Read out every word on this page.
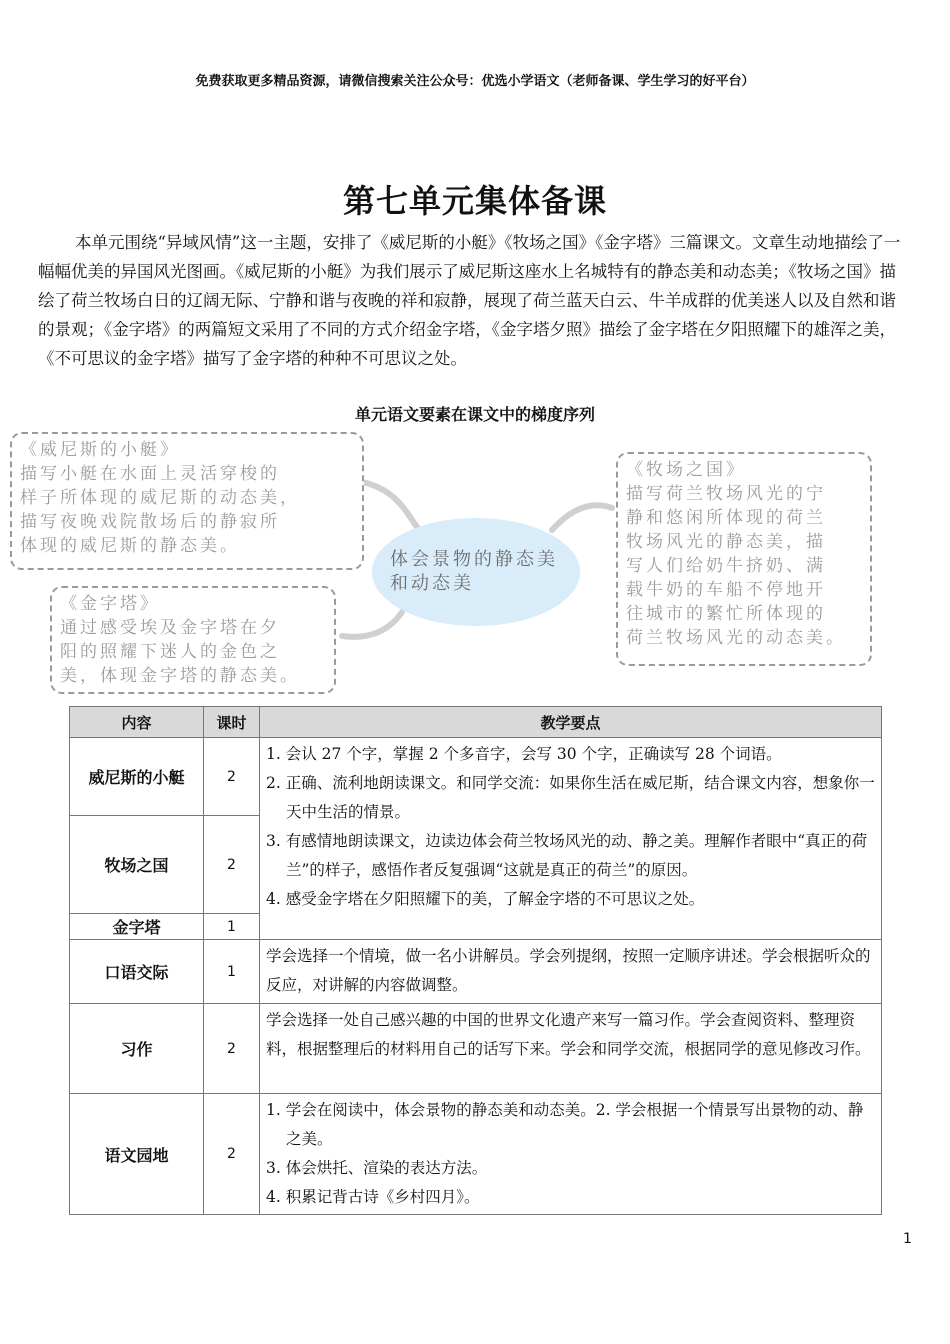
免费获取更多精品资源，请微信搜索关注公众号：优选小学语文（老师备课、学生学习的好平台）
第七单元集体备课

本单元围绕“异域风情”这一主题，安排了《威尼斯的小艇》《牧场之国》《金字塔》三篇课文。文章生动地描绘了一幅幅优美的异国风光图画。《威尼斯的小艇》为我们展示了威尼斯这座水上名城特有的静态美和动态美；《牧场之国》描绘了荷兰牧场白日的辽阔无际、宁静和谐与夜晚的祥和寂静，展现了荷兰蓝天白云、牛羊成群的优美迷人以及自然和谐的景观；《金字塔》的两篇短文采用了不同的方式介绍金字塔，《金字塔夕照》描绘了金字塔在夕阳照耀下的雄浑之美，《不可思议的金字塔》描写了金字塔的种种不可思议之处。

单元语文要素在课文中的梯度序列
《威尼斯的小艇》
描写小艇在水面上灵活穿梭的
样子所体现的威尼斯的动态美，
描写夜晚戏院散场后的静寂所
体现的威尼斯的静态美。
《牧场之国》
描写荷兰牧场风光的宁
静和悠闲所体现的荷兰
牧场风光的静态美，描
写人们给奶牛挤奶、满
载牛奶的车船不停地开
往城市的繁忙所体现的
荷兰牧场风光的动态美。
《金字塔》
通过感受埃及金字塔在夕
阳的照耀下迷人的金色之
美，体现金字塔的静态美。
体会景物的静态美
和动态美
内容	课时	教学要点
威尼斯的小艇	2	1. 会认 27 个字，掌握 2 个多音字，会写 30 个字，正确读写 28 个词语。

2. 正确、流利地朗读课文。和同学交流：如果你生活在威尼斯，结合课文内容，想象你一天中生活的情景。

3. 有感情地朗读课文，边读边体会荷兰牧场风光的动、静之美。理解作者眼中“真正的荷兰”的样子，感悟作者反复强调“这就是真正的荷兰”的原因。

4. 感受金字塔在夕阳照耀下的美，了解金字塔的不可思议之处。

牧场之国	2	
金字塔	1	
口语交际	1	学会选择一个情境，做一名小讲解员。学会列提纲，按照一定顺序讲述。学会根据听众的反应，对讲解的内容做调整。

习作	2	学会选择一处自己感兴趣的中国的世界文化遗产来写一篇习作。学会查阅资料、整理资料，根据整理后的材料用自己的话写下来。学会和同学交流，根据同学的意见修改习作。

语文园地	2	1. 学会在阅读中，体会景物的静态美和动态美。2. 学会根据一个情景写出景物的动、静之美。

3. 体会烘托、渲染的表达方法。

4. 积累记背古诗《乡村四月》。

1
